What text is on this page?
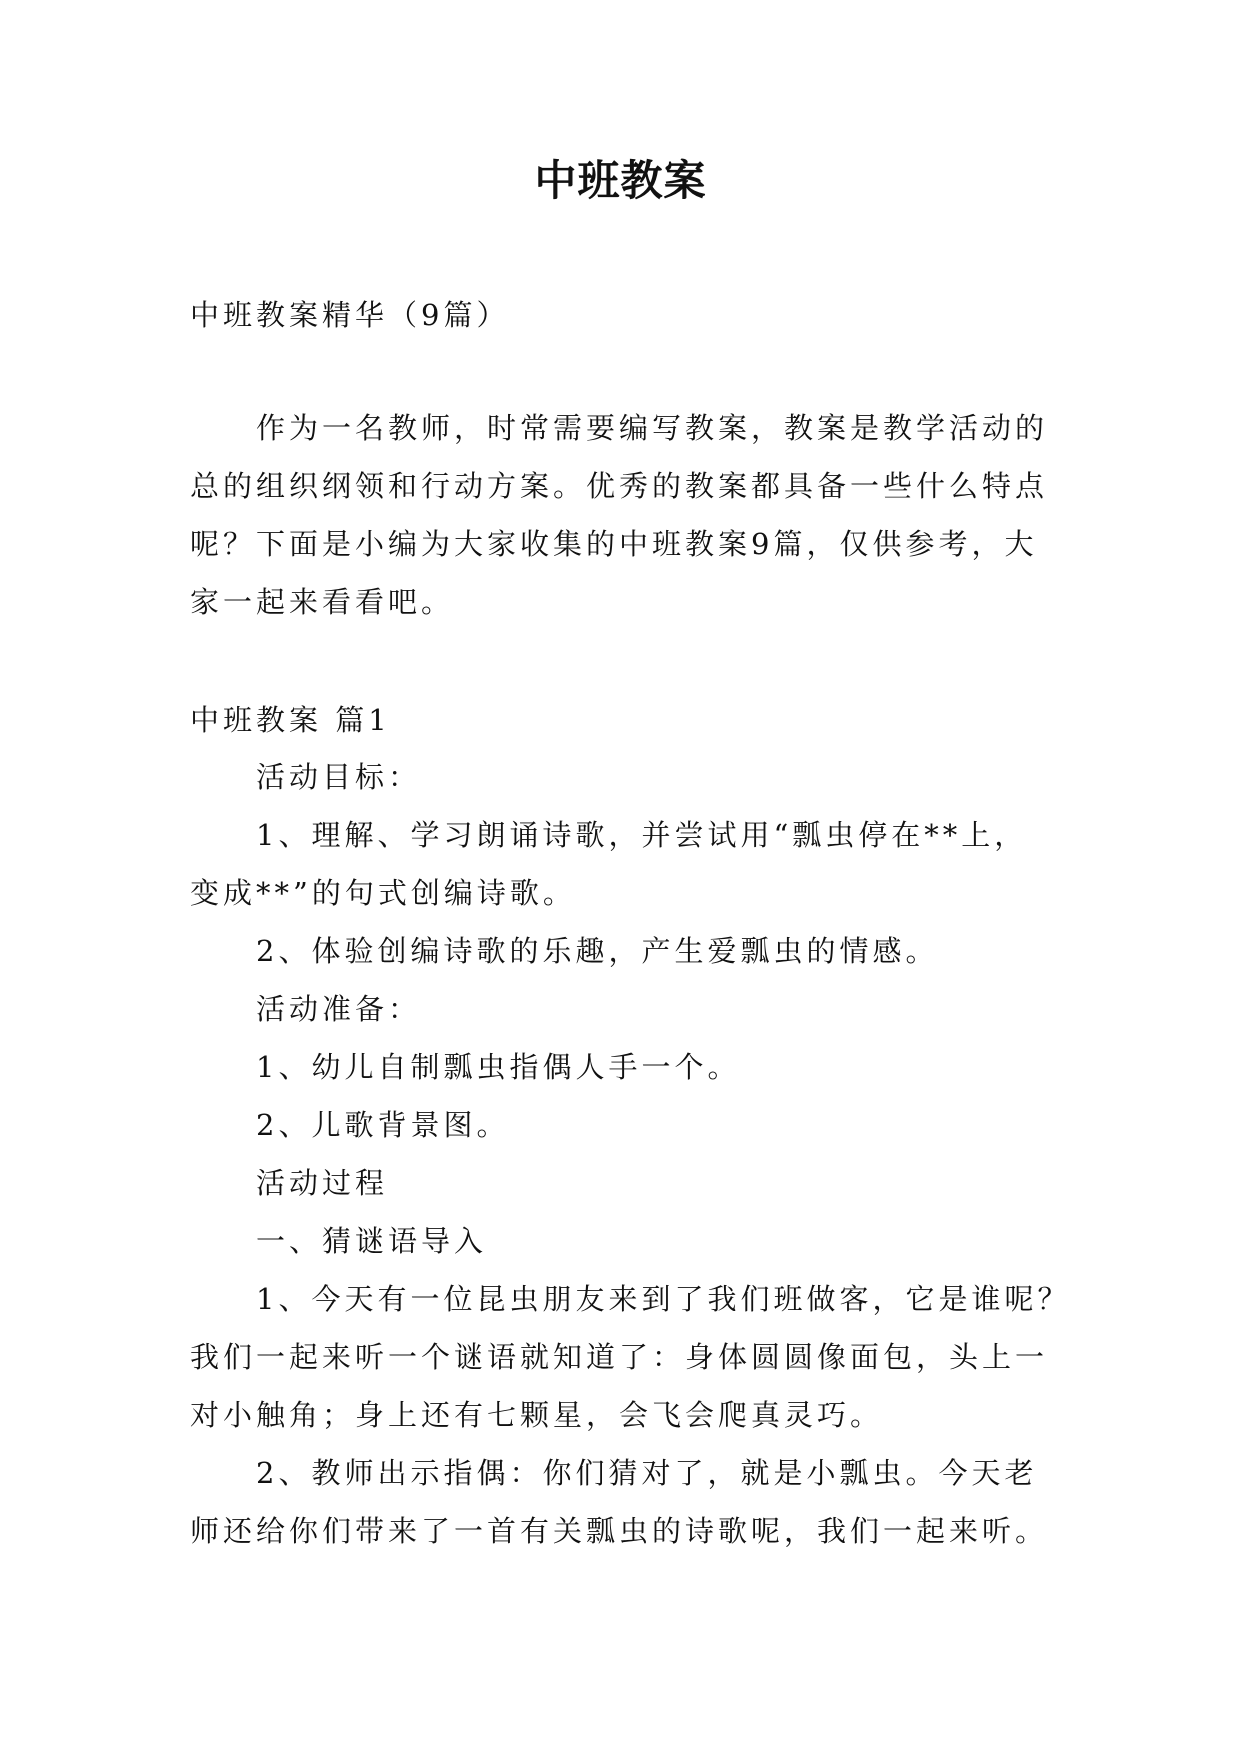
中班教案
中班教案精华（9篇）
作为一名教师，时常需要编写教案，教案是教学活动的
总的组织纲领和行动方案。优秀的教案都具备一些什么特点
呢？下面是小编为大家收集的中班教案9篇，仅供参考，大
家一起来看看吧。
中班教案 篇1
活动目标：
1、理解、学习朗诵诗歌，并尝试用“瓢虫停在**上，
变成**”的句式创编诗歌。
2、体验创编诗歌的乐趣，产生爱瓢虫的情感。
活动准备：
1、幼儿自制瓢虫指偶人手一个。
2、儿歌背景图。
活动过程
一、猜谜语导入
1、今天有一位昆虫朋友来到了我们班做客，它是谁呢？
我们一起来听一个谜语就知道了：身体圆圆像面包，头上一
对小触角；身上还有七颗星，会飞会爬真灵巧。
2、教师出示指偶：你们猜对了，就是小瓢虫。今天老
师还给你们带来了一首有关瓢虫的诗歌呢，我们一起来听。
